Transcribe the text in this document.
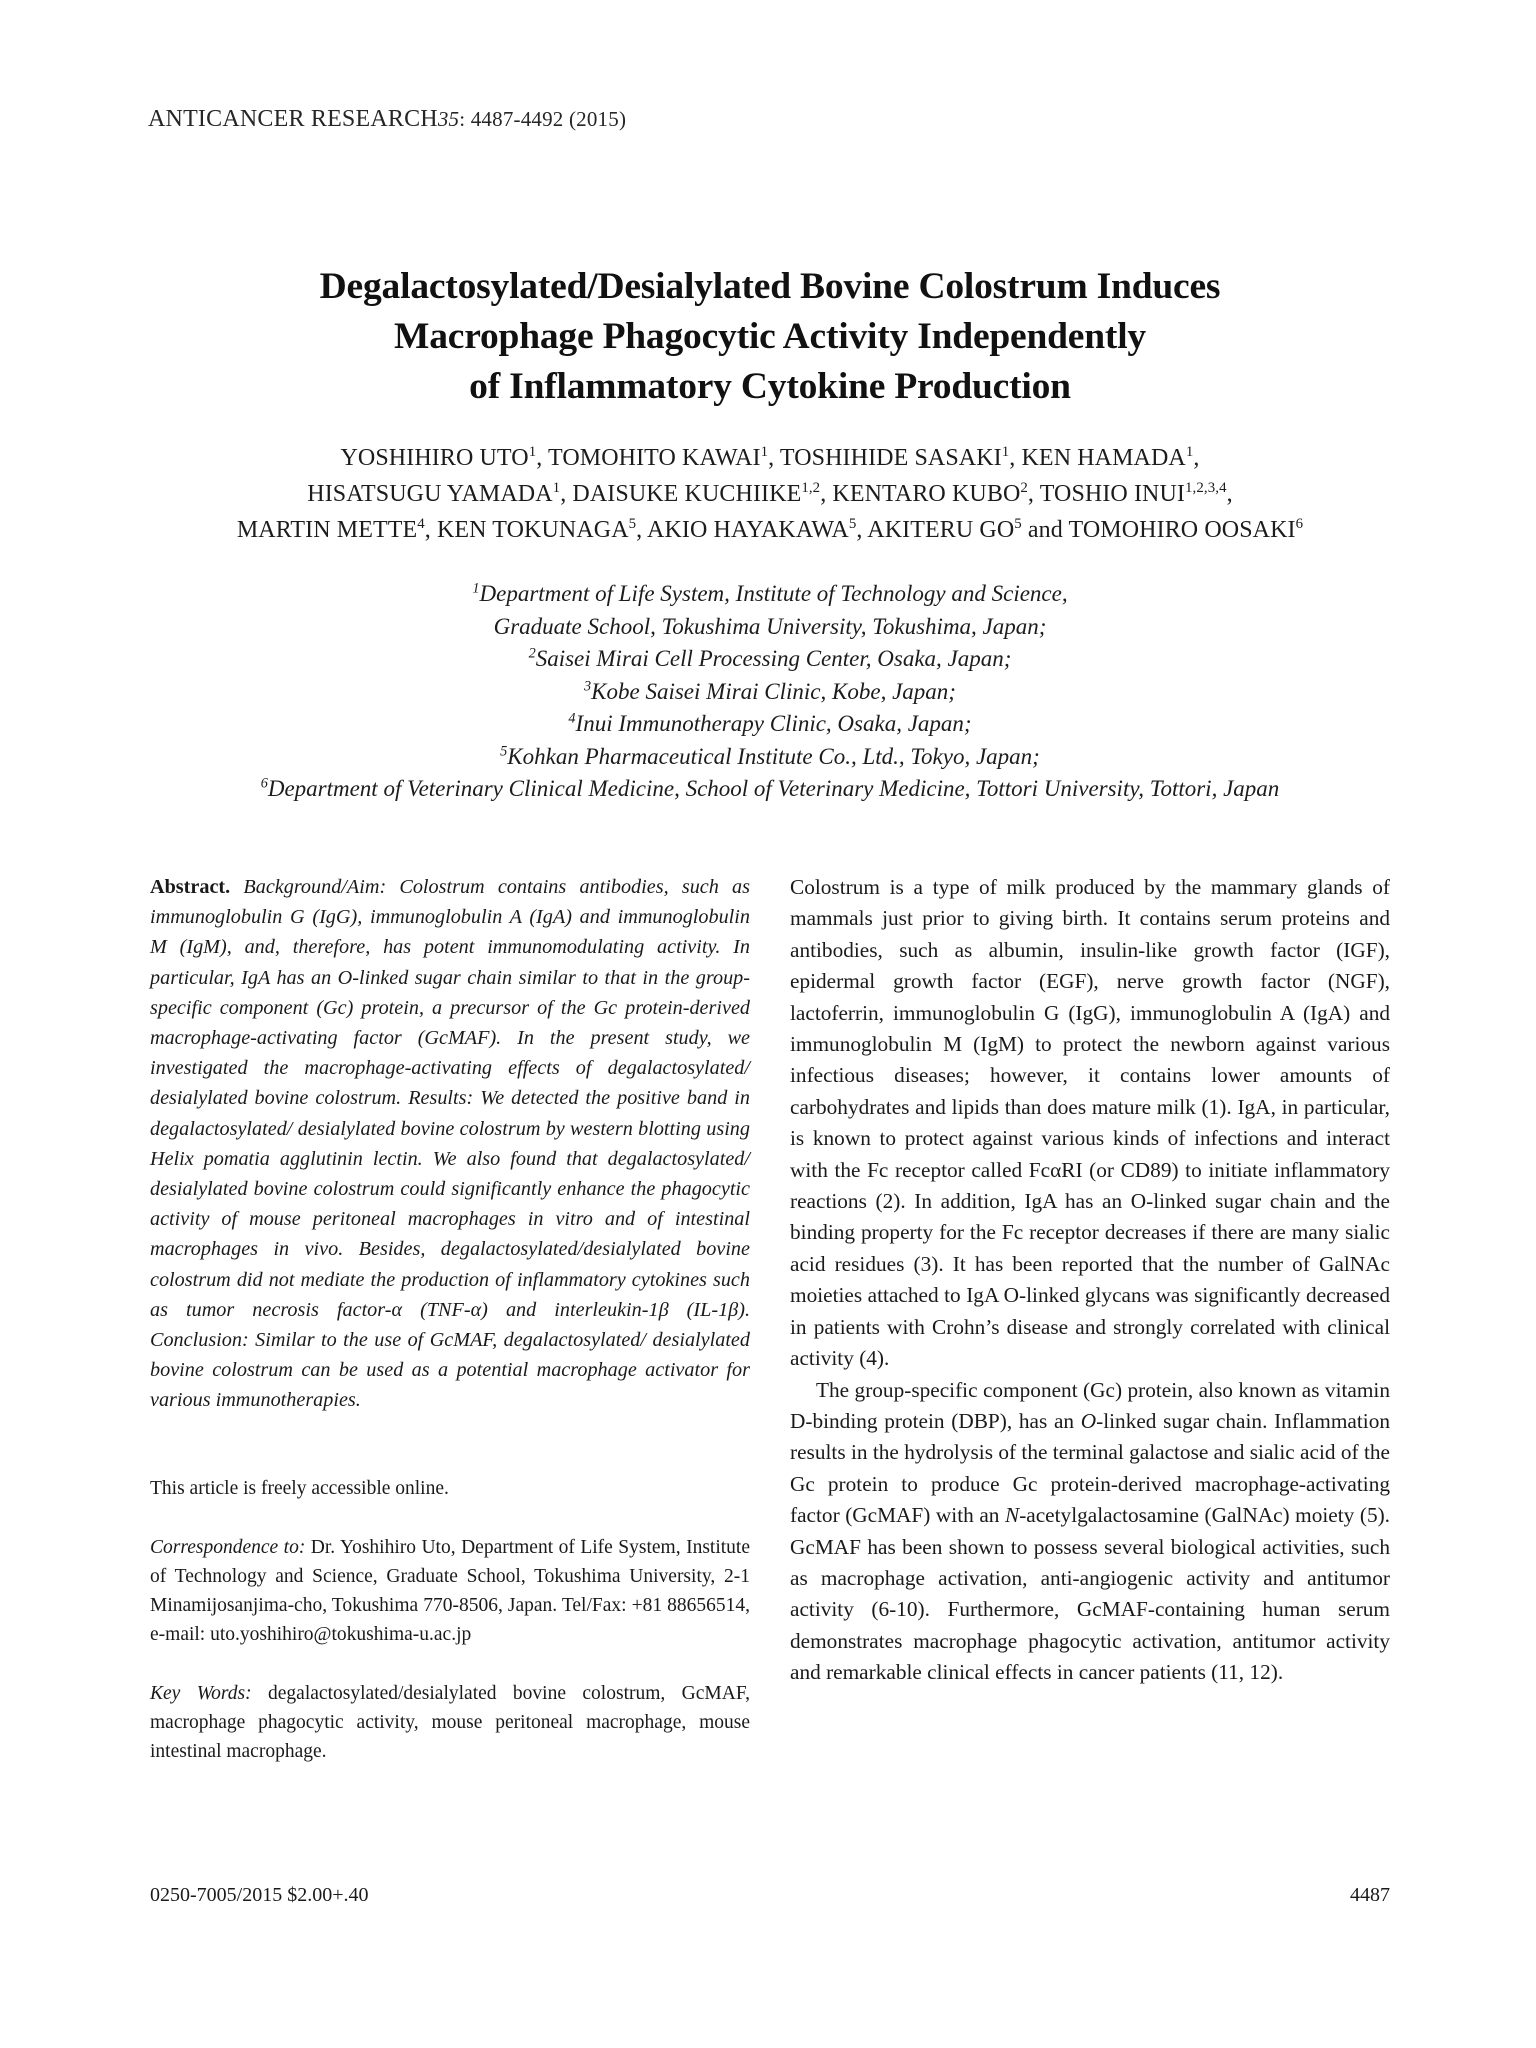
ANTICANCER RESEARCH35: 4487-4492 (2015)
Degalactosylated/Desialylated Bovine Colostrum Induces
Macrophage Phagocytic Activity Independently
of Inflammatory Cytokine Production
YOSHIHIRO UTO$^1$, TOMOHITO KAWAI$^1$, TOSHIHIDE SASAKI$^1$, KEN HAMADA$^1$,
HISATSUGU YAMADA$^1$, DAISUKE KUCHIIKE$^{1,2}$, KENTARO KUBO$^2$, TOSHIO INUI$^{1,2,3,4}$,
MARTIN METTE$^4$, KEN TOKUNAGA$^5$, AKIO HAYAKAWA$^5$, AKITERU $GO^5$ and TOMOHIRO OOSAKI$^6$
$^1$Department of Life System, Institute of Technology and Science,
Graduate School, Tokushima University, Tokushima, Japan;
$^2$Saisei Mirai Cell Processing Center, Osaka, Japan;
$^3$Kobe Saisei Mirai Clinic, Kobe, Japan;
$^4$Inui Immunotherapy Clinic, Osaka, Japan;
$^5$Kohkan Pharmaceutical Institute Co., Ltd., Tokyo, Japan;
$^6$Department of Veterinary Clinical Medicine, School of Veterinary Medicine, Tottori University, Tottori, Japan

Abstract. Background/Aim: Colostrum contains antibodies, such as immunoglobulin G (IgG), immunoglobulin A (IgA) and immunoglobulin M (IgM), and, therefore, has potent immunomodulating activity. In particular, IgA has an O-linked sugar chain similar to that in the group-specific component (Gc) protein, a precursor of the Gc protein-derived macrophage-activating factor (GcMAF). In the present study, we investigated the macrophage-activating effects of degalactosylated/ desialylated bovine colostrum. Results: We detected the positive band in degalactosylated/ desialylated bovine colostrum by western blotting using Helix pomatia agglutinin lectin. We also found that degalactosylated/ desialylated bovine colostrum could significantly enhance the phagocytic activity of mouse peritoneal macrophages in vitro and of intestinal macrophages in vivo. Besides, degalactosylated/desialylated bovine colostrum did not mediate the production of inflammatory cytokines such as tumor necrosis factor-α (TNF-α) and interleukin-1β (IL-1β). Conclusion: Similar to the use of GcMAF, degalactosylated/ desialylated bovine colostrum can be used as a potential macrophage activator for various immunotherapies.

This article is freely accessible online.

Correspondence to: Dr. Yoshihiro Uto, Department of Life System, Institute of Technology and Science, Graduate School, Tokushima University, 2-1 Minamijosanjima-cho, Tokushima 770-8506, Japan. Tel/Fax: +81 88656514, e-mail: uto.yoshihiro@tokushima-u.ac.jp

Key Words: degalactosylated/desialylated bovine colostrum, GcMAF, macrophage phagocytic activity, mouse peritoneal macrophage, mouse intestinal macrophage.

Colostrum is a type of milk produced by the mammary glands of mammals just prior to giving birth. It contains serum proteins and antibodies, such as albumin, insulin-like growth factor (IGF), epidermal growth factor (EGF), nerve growth factor (NGF), lactoferrin, immunoglobulin G (IgG), immunoglobulin A (IgA) and immunoglobulin M (IgM) to protect the newborn against various infectious diseases; however, it contains lower amounts of carbohydrates and lipids than does mature milk (1). IgA, in particular, is known to protect against various kinds of infections and interact with the Fc receptor called FcαRI (or CD89) to initiate inflammatory reactions (2). In addition, IgA has an O-linked sugar chain and the binding property for the Fc receptor decreases if there are many sialic acid residues (3). It has been reported that the number of GalNAc moieties attached to IgA O-linked glycans was significantly decreased in patients with Crohn’s disease and strongly correlated with clinical activity (4).

The group-specific component (Gc) protein, also known as vitamin D-binding protein (DBP), has an O-linked sugar chain. Inflammation results in the hydrolysis of the terminal galactose and sialic acid of the Gc protein to produce Gc protein-derived macrophage-activating factor (GcMAF) with an N-acetylgalactosamine (GalNAc) moiety (5). GcMAF has been shown to possess several biological activities, such as macrophage activation, anti-angiogenic activity and antitumor activity (6-10). Furthermore, GcMAF-containing human serum demonstrates macrophage phagocytic activation, antitumor activity and remarkable clinical effects in cancer patients (11, 12).

0250-7005/2015 $2.00+.40	4487
